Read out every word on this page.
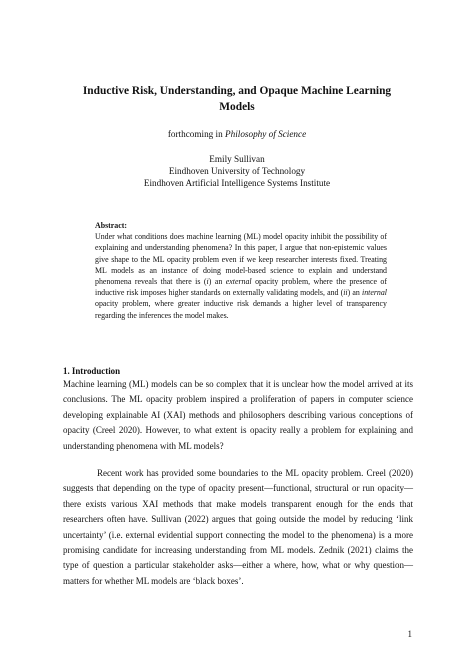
Inductive Risk, Understanding, and Opaque Machine Learning Models
forthcoming in Philosophy of Science
Emily Sullivan
Eindhoven University of Technology
Eindhoven Artificial Intelligence Systems Institute
Abstract:
Under what conditions does machine learning (ML) model opacity inhibit the possibility of explaining and understanding phenomena? In this paper, I argue that non-epistemic values give shape to the ML opacity problem even if we keep researcher interests fixed. Treating ML models as an instance of doing model-based science to explain and understand phenomena reveals that there is (i) an external opacity problem, where the presence of inductive risk imposes higher standards on externally validating models, and (ii) an internal opacity problem, where greater inductive risk demands a higher level of transparency regarding the inferences the model makes.
1. Introduction
Machine learning (ML) models can be so complex that it is unclear how the model arrived at its conclusions. The ML opacity problem inspired a proliferation of papers in computer science developing explainable AI (XAI) methods and philosophers describing various conceptions of opacity (Creel 2020). However, to what extent is opacity really a problem for explaining and understanding phenomena with ML models?
Recent work has provided some boundaries to the ML opacity problem. Creel (2020) suggests that depending on the type of opacity present—functional, structural or run opacity—there exists various XAI methods that make models transparent enough for the ends that researchers often have. Sullivan (2022) argues that going outside the model by reducing ‘link uncertainty’ (i.e. external evidential support connecting the model to the phenomena) is a more promising candidate for increasing understanding from ML models. Zednik (2021) claims the type of question a particular stakeholder asks—either a where, how, what or why question—matters for whether ML models are ‘black boxes’.
1
